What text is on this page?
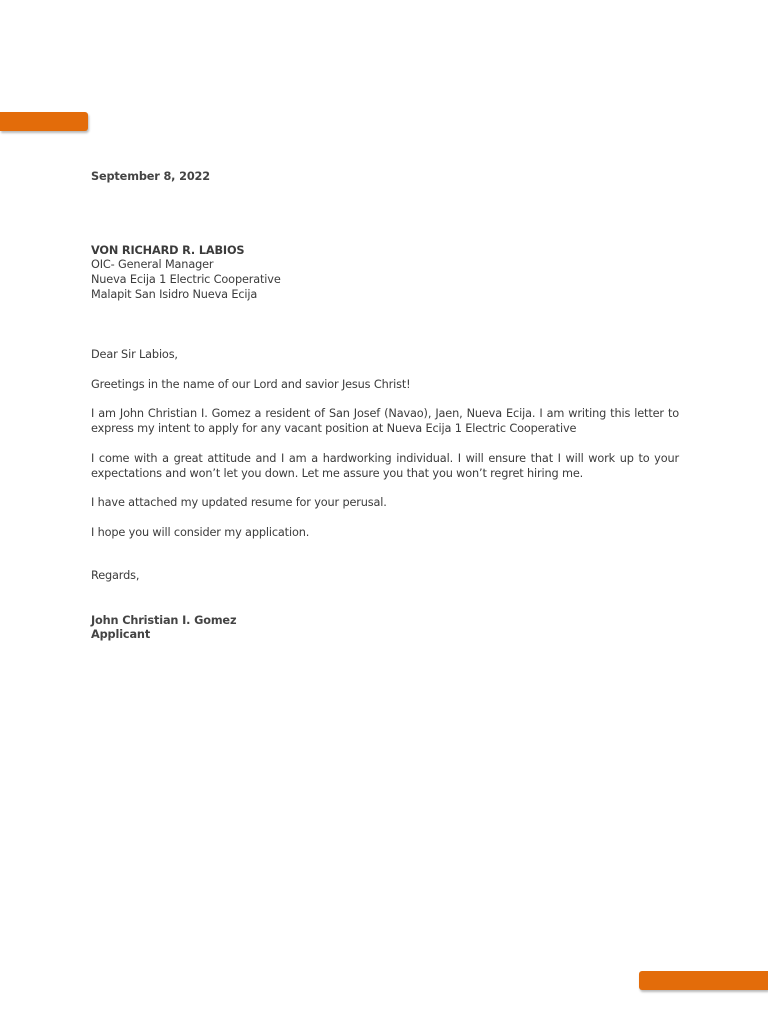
September 8, 2022
VON RICHARD R. LABIOS
OIC- General Manager
Nueva Ecija 1 Electric Cooperative
Malapit San Isidro Nueva Ecija
Dear Sir Labios,
Greetings in the name of our Lord and savior Jesus Christ!
I am John Christian I. Gomez a resident of San Josef (Navao), Jaen, Nueva Ecija. I am writing this letter to express my intent to apply for any vacant position at Nueva Ecija 1 Electric Cooperative
I come with a great attitude and I am a hardworking individual. I will ensure that I will work up to your expectations and won’t let you down. Let me assure you that you won’t regret hiring me.
I have attached my updated resume for your perusal.
I hope you will consider my application.
Regards,
John Christian I. Gomez
Applicant
